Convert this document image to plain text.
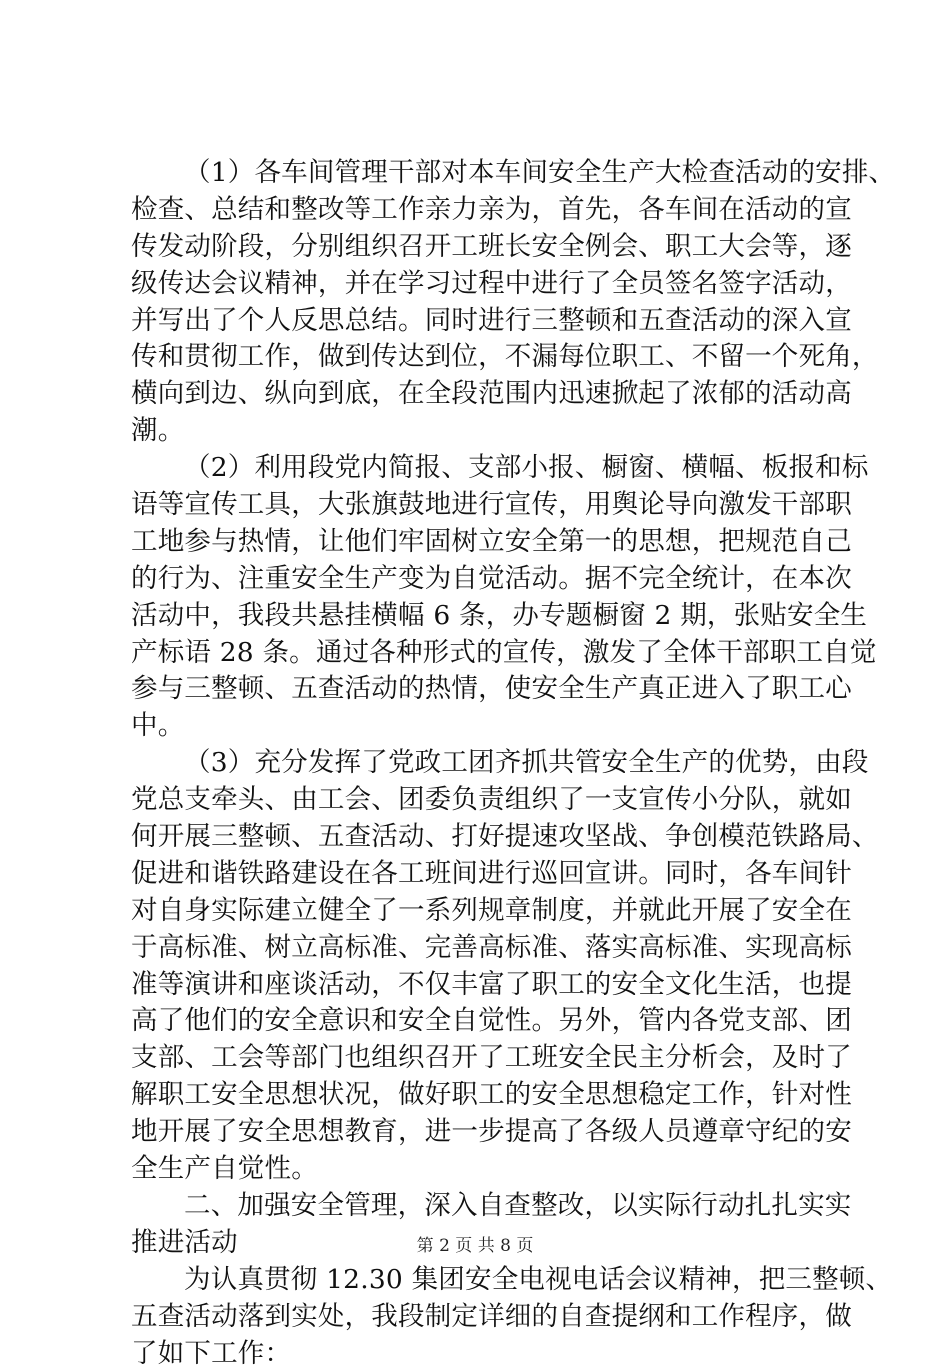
（1）各车间管理干部对本车间安全生产大检查活动的安排、
检查、总结和整改等工作亲力亲为，首先，各车间在活动的宣
传发动阶段，分别组织召开工班长安全例会、职工大会等，逐
级传达会议精神，并在学习过程中进行了全员签名签字活动，
并写出了个人反思总结。同时进行三整顿和五查活动的深入宣
传和贯彻工作，做到传达到位，不漏每位职工、不留一个死角，
横向到边、纵向到底，在全段范围内迅速掀起了浓郁的活动高
潮。
（2）利用段党内简报、支部小报、橱窗、横幅、板报和标
语等宣传工具，大张旗鼓地进行宣传，用舆论导向激发干部职
工地参与热情，让他们牢固树立安全第一的思想，把规范自己
的行为、注重安全生产变为自觉活动。据不完全统计，在本次
活动中，我段共悬挂横幅 6 条，办专题橱窗 2 期，张贴安全生
产标语 28 条。通过各种形式的宣传，激发了全体干部职工自觉
参与三整顿、五查活动的热情，使安全生产真正进入了职工心
中。
（3）充分发挥了党政工团齐抓共管安全生产的优势，由段
党总支牵头、由工会、团委负责组织了一支宣传小分队，就如
何开展三整顿、五查活动、打好提速攻坚战、争创模范铁路局、
促进和谐铁路建设在各工班间进行巡回宣讲。同时，各车间针
对自身实际建立健全了一系列规章制度，并就此开展了安全在
于高标准、树立高标准、完善高标准、落实高标准、实现高标
准等演讲和座谈活动，不仅丰富了职工的安全文化生活，也提
高了他们的安全意识和安全自觉性。另外，管内各党支部、团
支部、工会等部门也组织召开了工班安全民主分析会，及时了
解职工安全思想状况，做好职工的安全思想稳定工作，针对性
地开展了安全思想教育，进一步提高了各级人员遵章守纪的安
全生产自觉性。
二、加强安全管理，深入自查整改，以实际行动扎扎实实
推进活动
为认真贯彻 12.30 集团安全电视电话会议精神，把三整顿、
五查活动落到实处，我段制定详细的自查提纲和工作程序，做
了如下工作：
第 2 页 共 8 页
